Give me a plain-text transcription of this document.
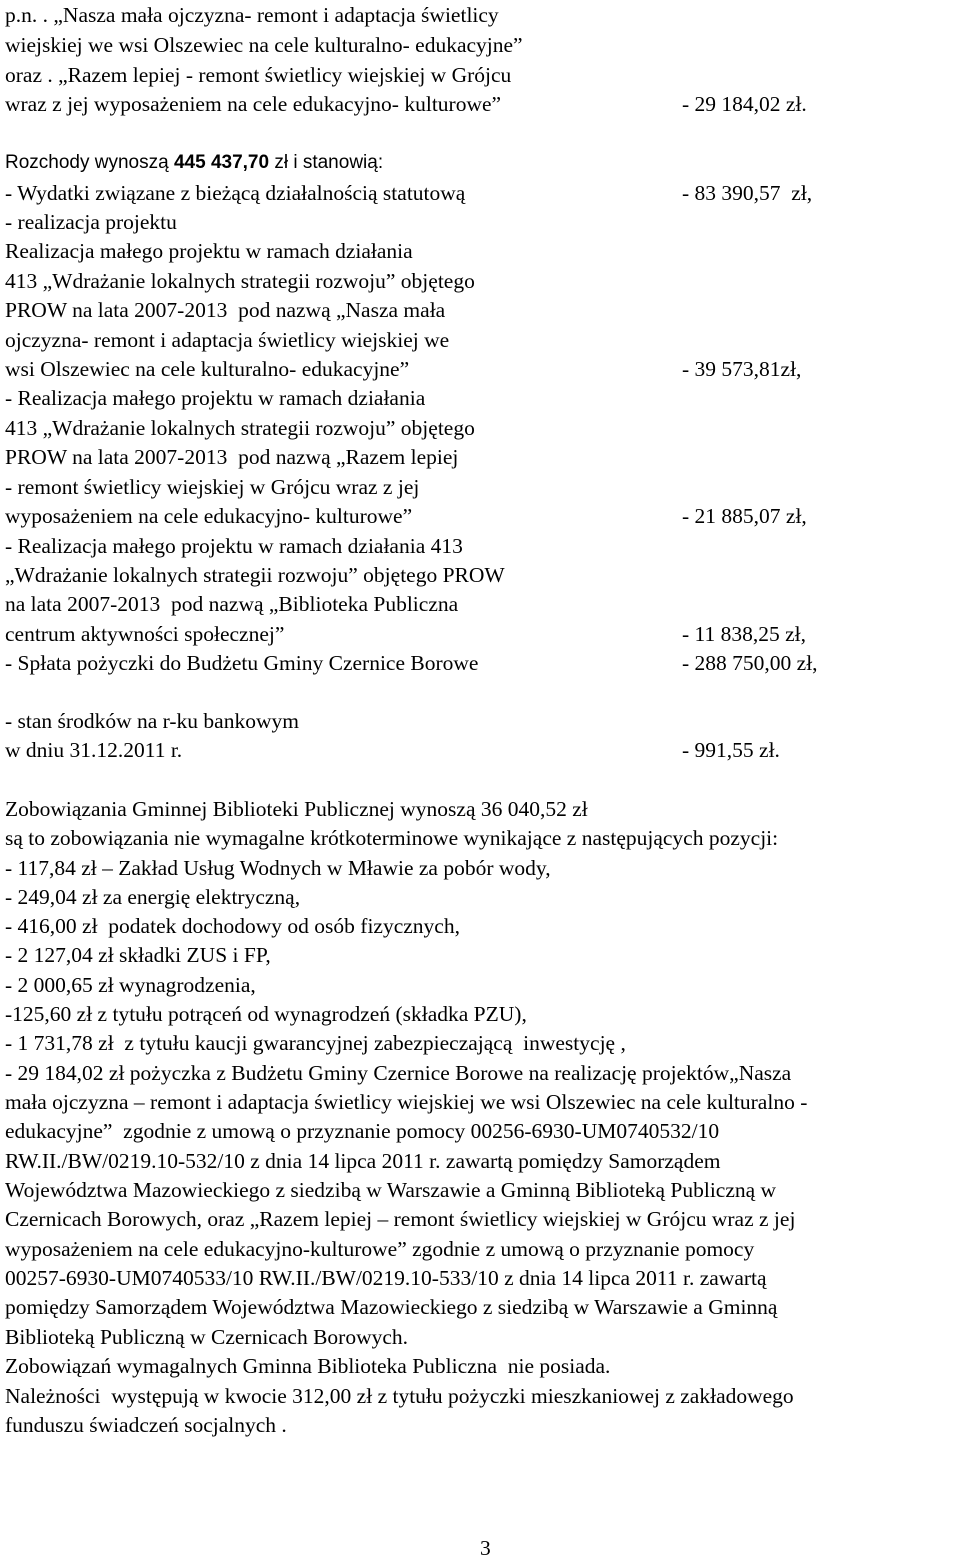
p.n. . „Nasza mała ojczyzna- remont i adaptacja świetlicy
wiejskiej we wsi Olszewiec na cele kulturalno- edukacyjne”
oraz . „Razem lepiej - remont świetlicy wiejskiej w Grójcu
wraz z jej wyposażeniem na cele edukacyjno- kulturowe”	- 29 184,02 zł.
Rozchody wynoszą 445 437,70 zł i stanowią:
- Wydatki związane z bieżącą działalnością statutową	- 83 390,57  zł,
- realizacja projektu
Realizacja małego projektu w ramach działania
413 „Wdrażanie lokalnych strategii rozwoju” objętego
PROW na lata 2007-2013  pod nazwą „Nasza mała
ojczyzna- remont i adaptacja świetlicy wiejskiej we
wsi Olszewiec na cele kulturalno- edukacyjne”	- 39 573,81zł,
- Realizacja małego projektu w ramach działania
413 „Wdrażanie lokalnych strategii rozwoju” objętego
PROW na lata 2007-2013  pod nazwą „Razem lepiej
- remont świetlicy wiejskiej w Grójcu wraz z jej
wyposażeniem na cele edukacyjno- kulturowe”	- 21 885,07 zł,
- Realizacja małego projektu w ramach działania 413
„Wdrażanie lokalnych strategii rozwoju” objętego PROW
na lata 2007-2013  pod nazwą „Biblioteka Publiczna
centrum aktywności społecznej”	- 11 838,25 zł,
- Spłata pożyczki do Budżetu Gminy Czernice Borowe	- 288 750,00 zł,
- stan środków na r-ku bankowym
w dniu 31.12.2011 r.	- 991,55 zł.
Zobowiązania Gminnej Biblioteki Publicznej wynoszą 36 040,52 zł
są to zobowiązania nie wymagalne krótkoterminowe wynikające z następujących pozycji:
- 117,84 zł – Zakład Usług Wodnych w Mławie za pobór wody,
- 249,04 zł za energię elektryczną,
- 416,00 zł  podatek dochodowy od osób fizycznych,
- 2 127,04 zł składki ZUS i FP,
- 2 000,65 zł wynagrodzenia,
-125,60 zł z tytułu potrąceń od wynagrodzeń (składka PZU),
- 1 731,78 zł  z tytułu kaucji gwarancyjnej zabezpieczającą  inwestycję ,
- 29 184,02 zł pożyczka z Budżetu Gminy Czernice Borowe na realizację projektów„Nasza
mała ojczyzna – remont i adaptacja świetlicy wiejskiej we wsi Olszewiec na cele kulturalno -
edukacyjne”  zgodnie z umową o przyznanie pomocy 00256-6930-UM0740532/10
RW.II./BW/0219.10-532/10 z dnia 14 lipca 2011 r. zawartą pomiędzy Samorządem
Województwa Mazowieckiego z siedzibą w Warszawie a Gminną Biblioteką Publiczną w
Czernicach Borowych, oraz „Razem lepiej – remont świetlicy wiejskiej w Grójcu wraz z jej
wyposażeniem na cele edukacyjno-kulturowe” zgodnie z umową o przyznanie pomocy
00257-6930-UM0740533/10 RW.II./BW/0219.10-533/10 z dnia 14 lipca 2011 r. zawartą
pomiędzy Samorządem Województwa Mazowieckiego z siedzibą w Warszawie a Gminną
Biblioteką Publiczną w Czernicach Borowych.
Zobowiązań wymagalnych Gminna Biblioteka Publiczna  nie posiada.
Należności  występują w kwocie 312,00 zł z tytułu pożyczki mieszkaniowej z zakładowego
funduszu świadczeń socjalnych .
3
